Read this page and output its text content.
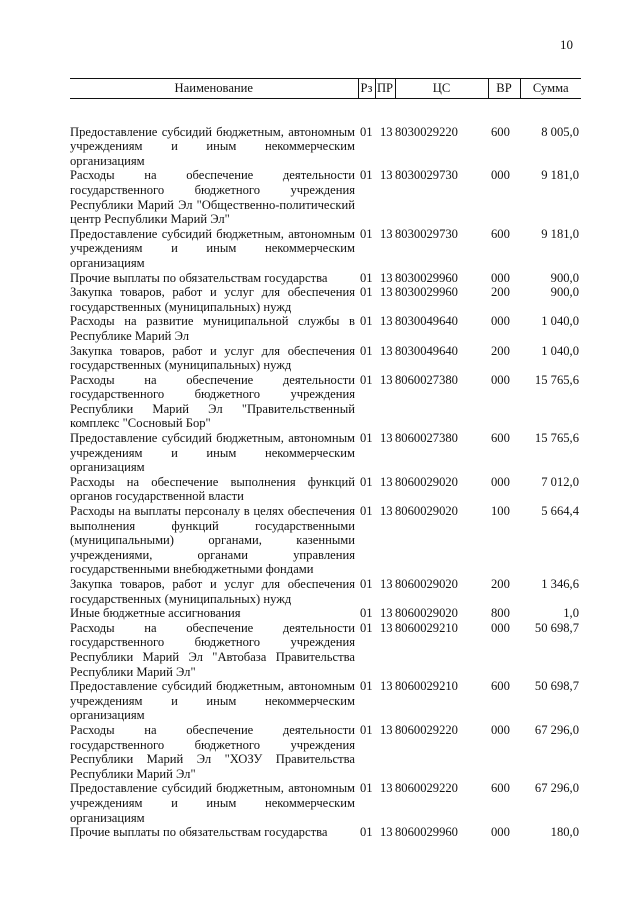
10
Наименование	Рз	ПР	ЦС	ВР	Сумма
Предоставление субсидий бюджетным, автономным учреждениям и иным некоммерческим организациям	01	13	8030029220	600	8 005,0
Расходы на обеспечение деятельности государственного бюджетного учреждения Республики Марий Эл "Общественно-политический центр Республики Марий Эл"	01	13	8030029730	000	9 181,0
Предоставление субсидий бюджетным, автономным учреждениям и иным некоммерческим организациям	01	13	8030029730	600	9 181,0
Прочие выплаты по обязательствам государства	01	13	8030029960	000	900,0
Закупка товаров, работ и услуг для обеспечения государственных (муниципальных) нужд	01	13	8030029960	200	900,0
Расходы на развитие муниципальной службы в Республике Марий Эл	01	13	8030049640	000	1 040,0
Закупка товаров, работ и услуг для обеспечения государственных (муниципальных) нужд	01	13	8030049640	200	1 040,0
Расходы на обеспечение деятельности государственного бюджетного учреждения Республики Марий Эл "Правительственный комплекс "Сосновый Бор"	01	13	8060027380	000	15 765,6
Предоставление субсидий бюджетным, автономным учреждениям и иным некоммерческим организациям	01	13	8060027380	600	15 765,6
Расходы на обеспечение выполнения функций органов государственной власти	01	13	8060029020	000	7 012,0
Расходы на выплаты персоналу в целях обеспечения выполнения функций государственными (муниципальными) органами, казенными учреждениями, органами управления государственными внебюджетными фондами	01	13	8060029020	100	5 664,4
Закупка товаров, работ и услуг для обеспечения государственных (муниципальных) нужд	01	13	8060029020	200	1 346,6
Иные бюджетные ассигнования	01	13	8060029020	800	1,0
Расходы на обеспечение деятельности государственного бюджетного учреждения Республики Марий Эл "Автобаза Правительства Республики Марий Эл"	01	13	8060029210	000	50 698,7
Предоставление субсидий бюджетным, автономным учреждениям и иным некоммерческим организациям	01	13	8060029210	600	50 698,7
Расходы на обеспечение деятельности государственного бюджетного учреждения Республики Марий Эл "ХОЗУ Правительства Республики Марий Эл"	01	13	8060029220	000	67 296,0
Предоставление субсидий бюджетным, автономным учреждениям и иным некоммерческим организациям	01	13	8060029220	600	67 296,0
Прочие выплаты по обязательствам государства	01	13	8060029960	000	180,0
